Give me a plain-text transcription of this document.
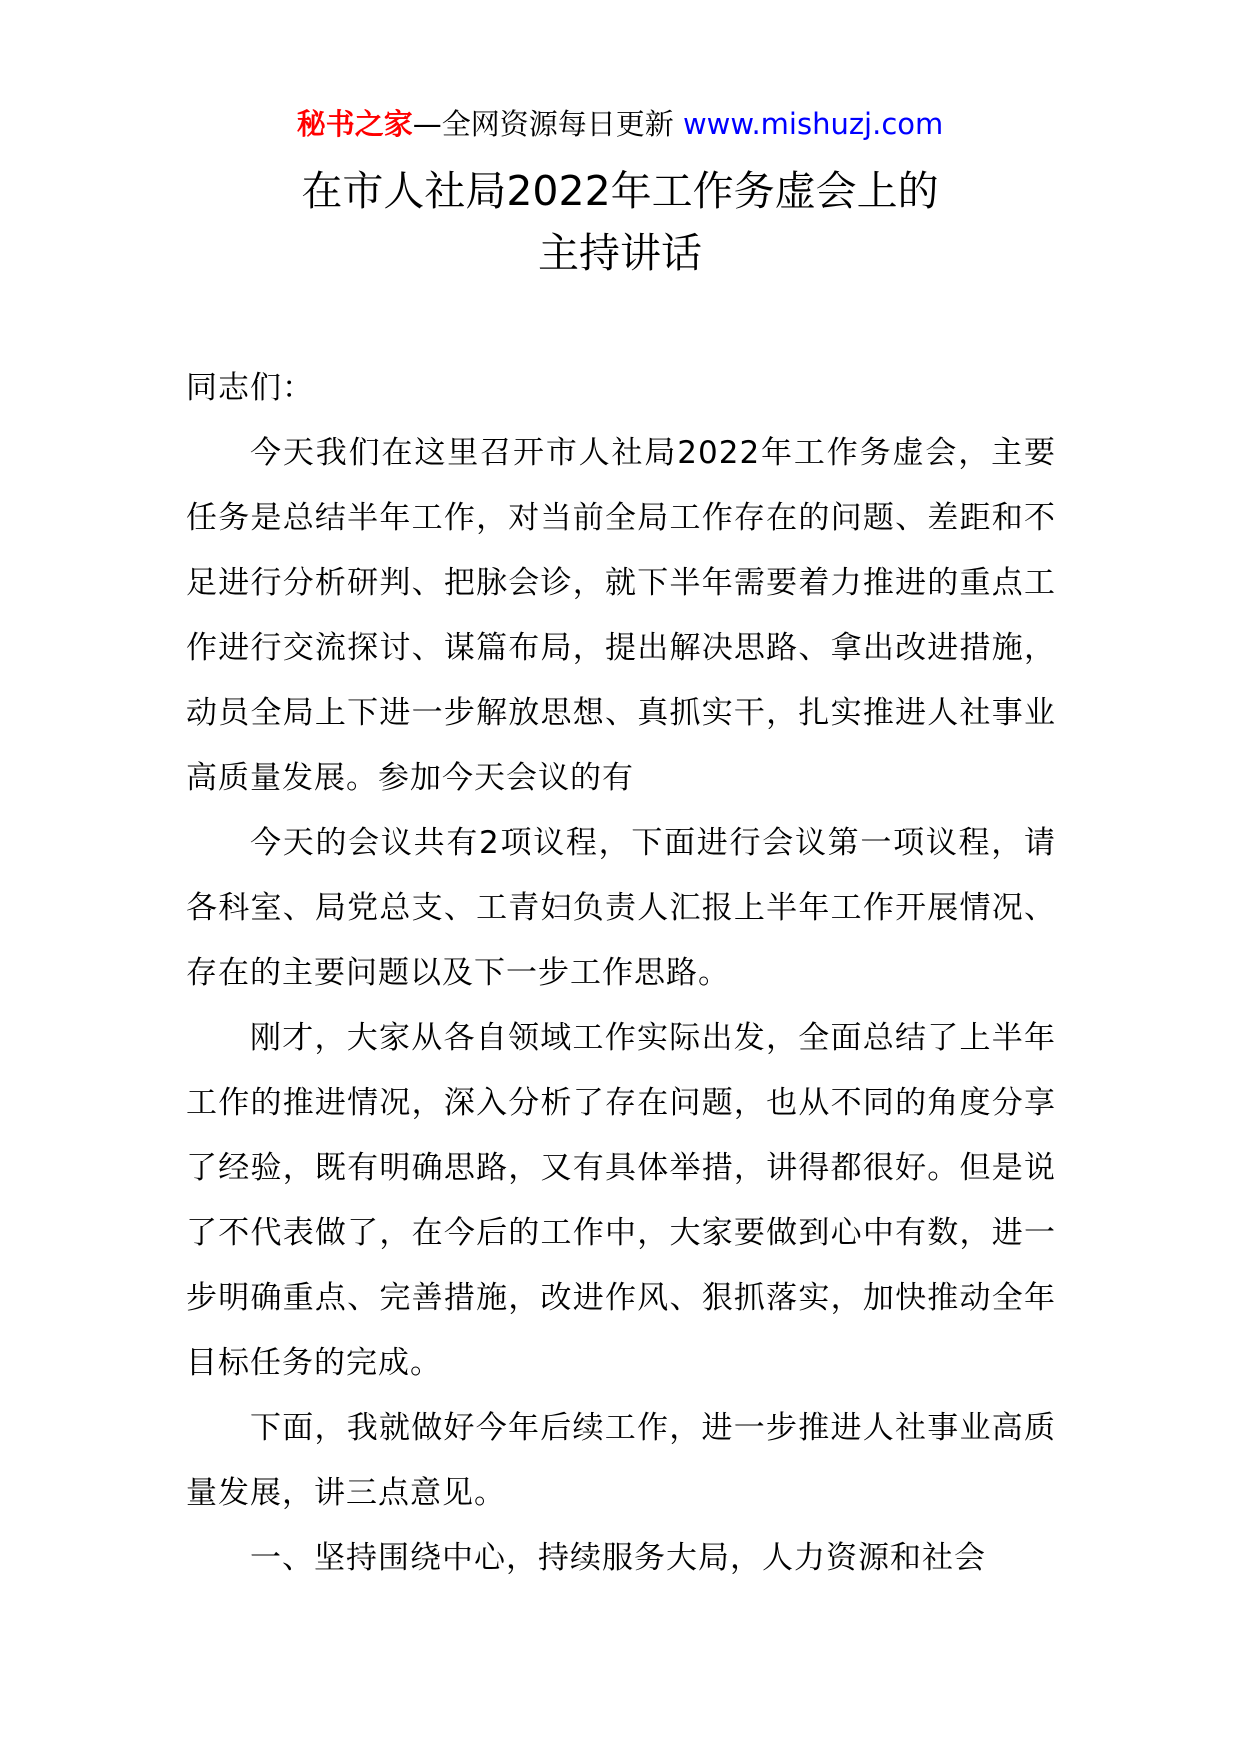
秘书之家—全网资源每日更新 www.mishuzj.com
在市人社局2022年工作务虚会上的
主持讲话

同志们：

今天我们在这里召开市人社局2022年工作务虚会，主要任务是总结半年工作，对当前全局工作存在的问题、差距和不足进行分析研判、把脉会诊，就下半年需要着力推进的重点工作进行交流探讨、谋篇布局，提出解决思路、拿出改进措施，动员全局上下进一步解放思想、真抓实干，扎实推进人社事业高质量发展。参加今天会议的有

今天的会议共有2项议程，下面进行会议第一项议程，请各科室、局党总支、工青妇负责人汇报上半年工作开展情况、存在的主要问题以及下一步工作思路。

刚才，大家从各自领域工作实际出发，全面总结了上半年工作的推进情况，深入分析了存在问题，也从不同的角度分享了经验，既有明确思路，又有具体举措，讲得都很好。但是说了不代表做了，在今后的工作中，大家要做到心中有数，进一步明确重点、完善措施，改进作风、狠抓落实，加快推动全年目标任务的完成。

下面，我就做好今年后续工作，进一步推进人社事业高质量发展，讲三点意见。

一、坚持围绕中心，持续服务大局，人力资源和社会
